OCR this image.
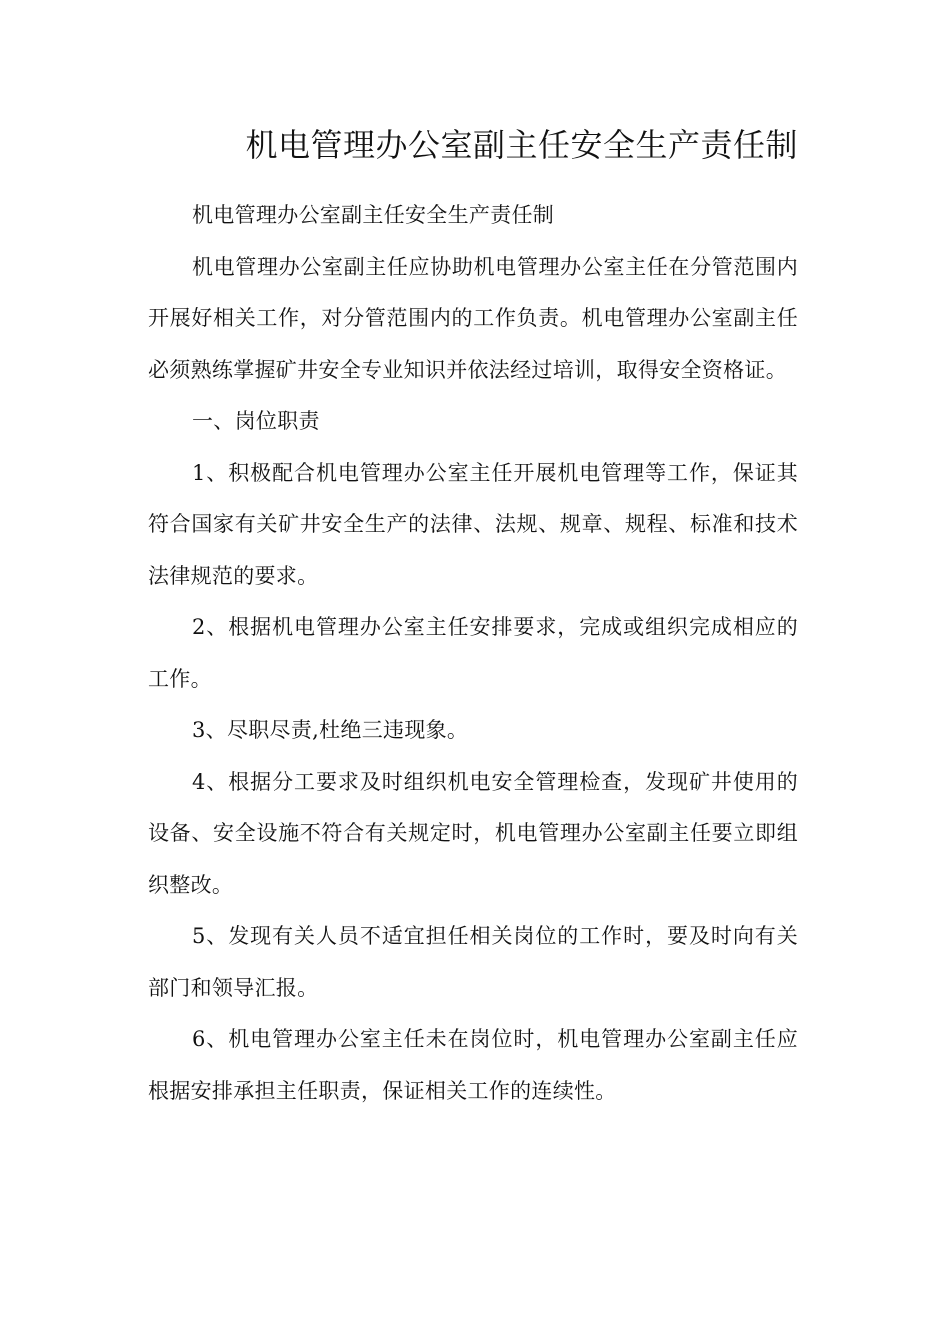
机电管理办公室副主任安全生产责任制

机电管理办公室副主任安全生产责任制

机电管理办公室副主任应协助机电管理办公室主任在分管范围内开展好相关工作，对分管范围内的工作负责。机电管理办公室副主任必须熟练掌握矿井安全专业知识并依法经过培训，取得安全资格证。

一、岗位职责

1、积极配合机电管理办公室主任开展机电管理等工作，保证其符合国家有关矿井安全生产的法律、法规、规章、规程、标准和技术法律规范的要求。

2、根据机电管理办公室主任安排要求，完成或组织完成相应的工作。

3、尽职尽责,杜绝三违现象。

4、根据分工要求及时组织机电安全管理检查，发现矿井使用的设备、安全设施不符合有关规定时，机电管理办公室副主任要立即组织整改。

5、发现有关人员不适宜担任相关岗位的工作时，要及时向有关部门和领导汇报。

6、机电管理办公室主任未在岗位时，机电管理办公室副主任应根据安排承担主任职责，保证相关工作的连续性。
